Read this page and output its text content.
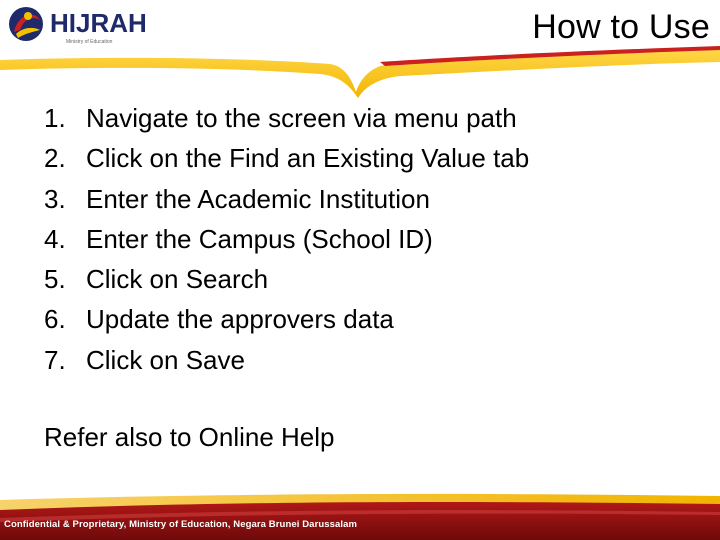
HIJRAH
Ministry of Education	How to Use
1. Navigate to the screen via menu path
2. Click on the Find an Existing Value tab
3. Enter the Academic Institution
4. Enter the Campus (School ID)
5. Click on Search
6. Update the approvers data
7. Click on Save
Refer also to Online Help
Confidential & Proprietary, Ministry of Education, Negara Brunei Darussalam
